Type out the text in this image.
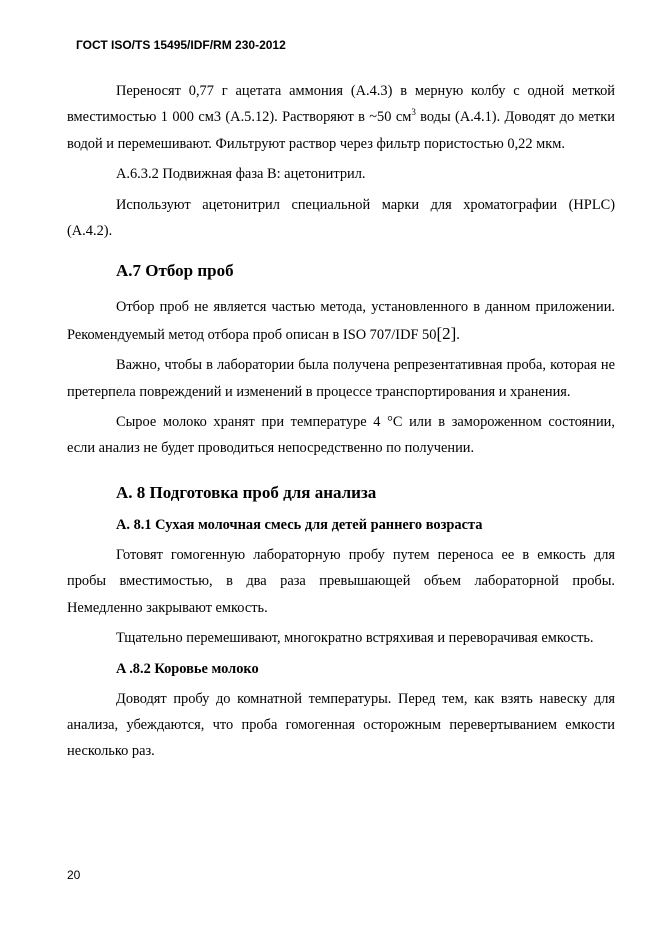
ГОСТ ISO/TS 15495/IDF/RM 230-2012

Переносят 0,77 г ацетата аммония (A.4.3) в мерную колбу с одной меткой вместимостью 1 000 см3 (A.5.12). Растворяют в ~50 $см^3$ воды (A.4.1). Доводят до метки водой и перемешивают. Фильтруют раствор через фильтр пористостью 0,22 мкм.

A.6.3.2 Подвижная фаза B: ацетонитрил.

Используют ацетонитрил специальной марки для хроматографии (HPLC) (A.4.2).

A.7 Отбор проб

Отбор проб не является частью метода, установленного в данном приложении. Рекомендуемый метод отбора проб описан в ISO 707/IDF 50[2].

Важно, чтобы в лаборатории была получена репрезентативная проба, которая не претерпела повреждений и изменений в процессе транспортирования и хранения.

Сырое молоко хранят при температуре 4 °С или в замороженном состоянии, если анализ не будет проводиться непосредственно по получении.

A. 8 Подготовка проб для анализа
A. 8.1 Сухая молочная смесь для детей раннего возраста

Готовят гомогенную лабораторную пробу путем переноса ее в емкость для пробы вместимостью, в два раза превышающей объем лабораторной пробы. Немедленно закрывают емкость.

Тщательно перемешивают, многократно встряхивая и переворачивая емкость.

A .8.2 Коровье молоко

Доводят пробу до комнатной температуры. Перед тем, как взять навеску для анализа, убеждаются, что проба гомогенная осторожным перевертыванием емкости несколько раз.

20
